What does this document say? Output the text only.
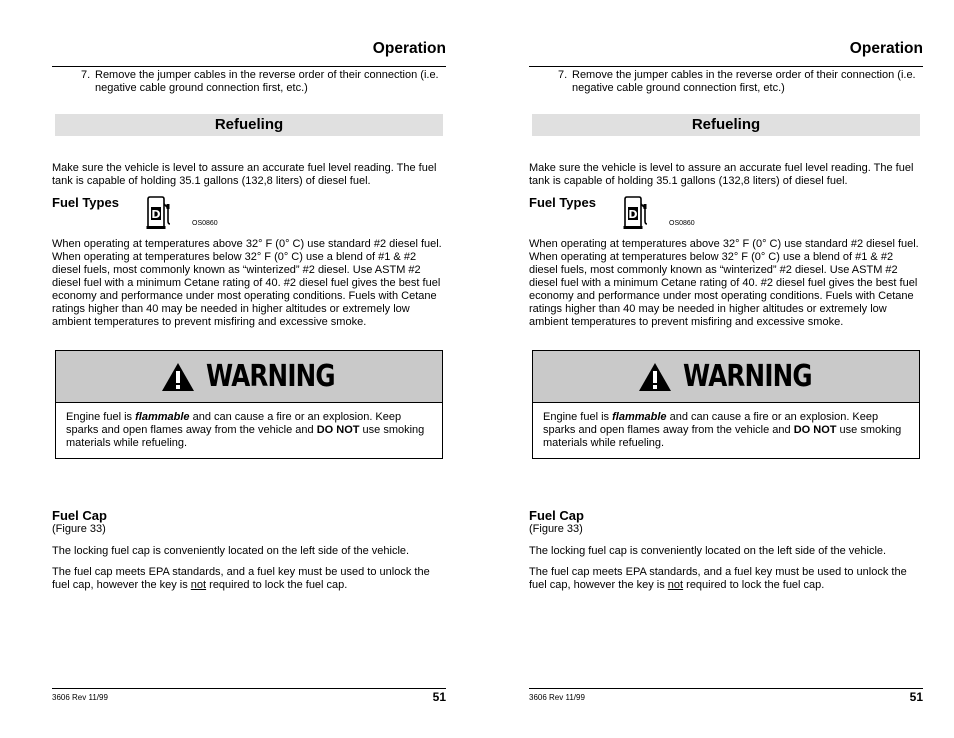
Operation
7. Remove the jumper cables in the reverse order of their connection (i.e. negative cable ground connection first, etc.)
Refueling

Make sure the vehicle is level to assure an accurate fuel level reading. The fuel tank is capable of holding 35.1 gallons (132,8 liters) of diesel fuel.

Fuel Types
D
OS0860

When operating at temperatures above 32° F (0° C) use standard #2 diesel fuel. When operating at temperatures below 32° F (0° C) use a blend of #1 & #2 diesel fuels, most commonly known as “winterized” #2 diesel. Use ASTM #2 diesel fuel with a minimum Cetane rating of 40. #2 diesel fuel gives the best fuel economy and performance under most operating conditions. Fuels with Cetane ratings higher than 40 may be needed in higher altitudes or extremely low ambient temperatures to prevent misfiring and excessive smoke.

WARNING
Engine fuel is flammable and can cause a fire or an explosion. Keep sparks and open flames away from the vehicle and DO NOT use smoking materials while refueling.
Fuel Cap
(Figure 33)

The locking fuel cap is conveniently located on the left side of the vehicle.

The fuel cap meets EPA standards, and a fuel key must be used to unlock the fuel cap, however the key is not required to lock the fuel cap.

3606 Rev 11/99	51
Operation
7. Remove the jumper cables in the reverse order of their connection (i.e. negative cable ground connection first, etc.)
Refueling

Make sure the vehicle is level to assure an accurate fuel level reading. The fuel tank is capable of holding 35.1 gallons (132,8 liters) of diesel fuel.

Fuel Types
D
OS0860

When operating at temperatures above 32° F (0° C) use standard #2 diesel fuel. When operating at temperatures below 32° F (0° C) use a blend of #1 & #2 diesel fuels, most commonly known as “winterized” #2 diesel. Use ASTM #2 diesel fuel with a minimum Cetane rating of 40. #2 diesel fuel gives the best fuel economy and performance under most operating conditions. Fuels with Cetane ratings higher than 40 may be needed in higher altitudes or extremely low ambient temperatures to prevent misfiring and excessive smoke.

WARNING
Engine fuel is flammable and can cause a fire or an explosion. Keep sparks and open flames away from the vehicle and DO NOT use smoking materials while refueling.
Fuel Cap
(Figure 33)

The locking fuel cap is conveniently located on the left side of the vehicle.

The fuel cap meets EPA standards, and a fuel key must be used to unlock the fuel cap, however the key is not required to lock the fuel cap.

3606 Rev 11/99	51
